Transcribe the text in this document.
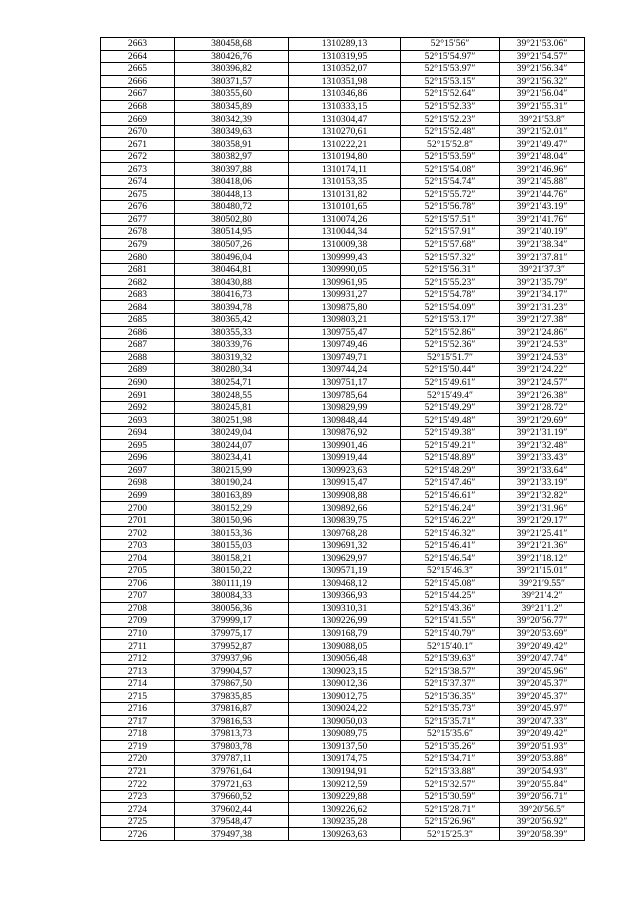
2663	380458,68	1310289,13	52°15′56″	39°21′53.06″
2664	380426,76	1310319,95	52°15′54.97″	39°21′54.57″
2665	380396,82	1310352,07	52°15′53.97″	39°21′56.34″
2666	380371,57	1310351,98	52°15′53.15″	39°21′56.32″
2667	380355,60	1310346,86	52°15′52.64″	39°21′56.04″
2668	380345,89	1310333,15	52°15′52.33″	39°21′55.31″
2669	380342,39	1310304,47	52°15′52.23″	39°21′53.8″
2670	380349,63	1310270,61	52°15′52.48″	39°21′52.01″
2671	380358,91	1310222,21	52°15′52.8″	39°21′49.47″
2672	380382,97	1310194,80	52°15′53.59″	39°21′48.04″
2673	380397,88	1310174,11	52°15′54.08″	39°21′46.96″
2674	380418,06	1310153,35	52°15′54.74″	39°21′45.88″
2675	380448,13	1310131,82	52°15′55.72″	39°21′44.76″
2676	380480,72	1310101,65	52°15′56.78″	39°21′43.19″
2677	380502,80	1310074,26	52°15′57.51″	39°21′41.76″
2678	380514,95	1310044,34	52°15′57.91″	39°21′40.19″
2679	380507,26	1310009,38	52°15′57.68″	39°21′38.34″
2680	380496,04	1309999,43	52°15′57.32″	39°21′37.81″
2681	380464,81	1309990,05	52°15′56.31″	39°21′37.3″
2682	380430,88	1309961,95	52°15′55.23″	39°21′35.79″
2683	380416,73	1309931,27	52°15′54.78″	39°21′34.17″
2684	380394,78	1309875,80	52°15′54.09″	39°21′31.23″
2685	380365,42	1309803,21	52°15′53.17″	39°21′27.38″
2686	380355,33	1309755,47	52°15′52.86″	39°21′24.86″
2687	380339,76	1309749,46	52°15′52.36″	39°21′24.53″
2688	380319,32	1309749,71	52°15′51.7″	39°21′24.53″
2689	380280,34	1309744,24	52°15′50.44″	39°21′24.22″
2690	380254,71	1309751,17	52°15′49.61″	39°21′24.57″
2691	380248,55	1309785,64	52°15′49.4″	39°21′26.38″
2692	380245,81	1309829,99	52°15′49.29″	39°21′28.72″
2693	380251,98	1309848,44	52°15′49.48″	39°21′29.69″
2694	380249,04	1309876,92	52°15′49.38″	39°21′31.19″
2695	380244,07	1309901,46	52°15′49.21″	39°21′32.48″
2696	380234,41	1309919,44	52°15′48.89″	39°21′33.43″
2697	380215,99	1309923,63	52°15′48.29″	39°21′33.64″
2698	380190,24	1309915,47	52°15′47.46″	39°21′33.19″
2699	380163,89	1309908,88	52°15′46.61″	39°21′32.82″
2700	380152,29	1309892,66	52°15′46.24″	39°21′31.96″
2701	380150,96	1309839,75	52°15′46.22″	39°21′29.17″
2702	380153,36	1309768,28	52°15′46.32″	39°21′25.41″
2703	380155,03	1309691,32	52°15′46.41″	39°21′21.36″
2704	380158,21	1309629,97	52°15′46.54″	39°21′18.12″
2705	380150,22	1309571,19	52°15′46.3″	39°21′15.01″
2706	380111,19	1309468,12	52°15′45.08″	39°21′9.55″
2707	380084,33	1309366,93	52°15′44.25″	39°21′4.2″
2708	380056,36	1309310,31	52°15′43.36″	39°21′1.2″
2709	379999,17	1309226,99	52°15′41.55″	39°20′56.77″
2710	379975,17	1309168,79	52°15′40.79″	39°20′53.69″
2711	379952,87	1309088,05	52°15′40.1″	39°20′49.42″
2712	379937,96	1309056,48	52°15′39.63″	39°20′47.74″
2713	379904,57	1309023,15	52°15′38.57″	39°20′45.96″
2714	379867,50	1309012,36	52°15′37.37″	39°20′45.37″
2715	379835,85	1309012,75	52°15′36.35″	39°20′45.37″
2716	379816,87	1309024,22	52°15′35.73″	39°20′45.97″
2717	379816,53	1309050,03	52°15′35.71″	39°20′47.33″
2718	379813,73	1309089,75	52°15′35.6″	39°20′49.42″
2719	379803,78	1309137,50	52°15′35.26″	39°20′51.93″
2720	379787,11	1309174,75	52°15′34.71″	39°20′53.88″
2721	379761,64	1309194,91	52°15′33.88″	39°20′54.93″
2722	379721,63	1309212,59	52°15′32.57″	39°20′55.84″
2723	379660,52	1309229,88	52°15′30.59″	39°20′56.71″
2724	379602,44	1309226,62	52°15′28.71″	39°20′56.5″
2725	379548,47	1309235,28	52°15′26.96″	39°20′56.92″
2726	379497,38	1309263,63	52°15′25.3″	39°20′58.39″
